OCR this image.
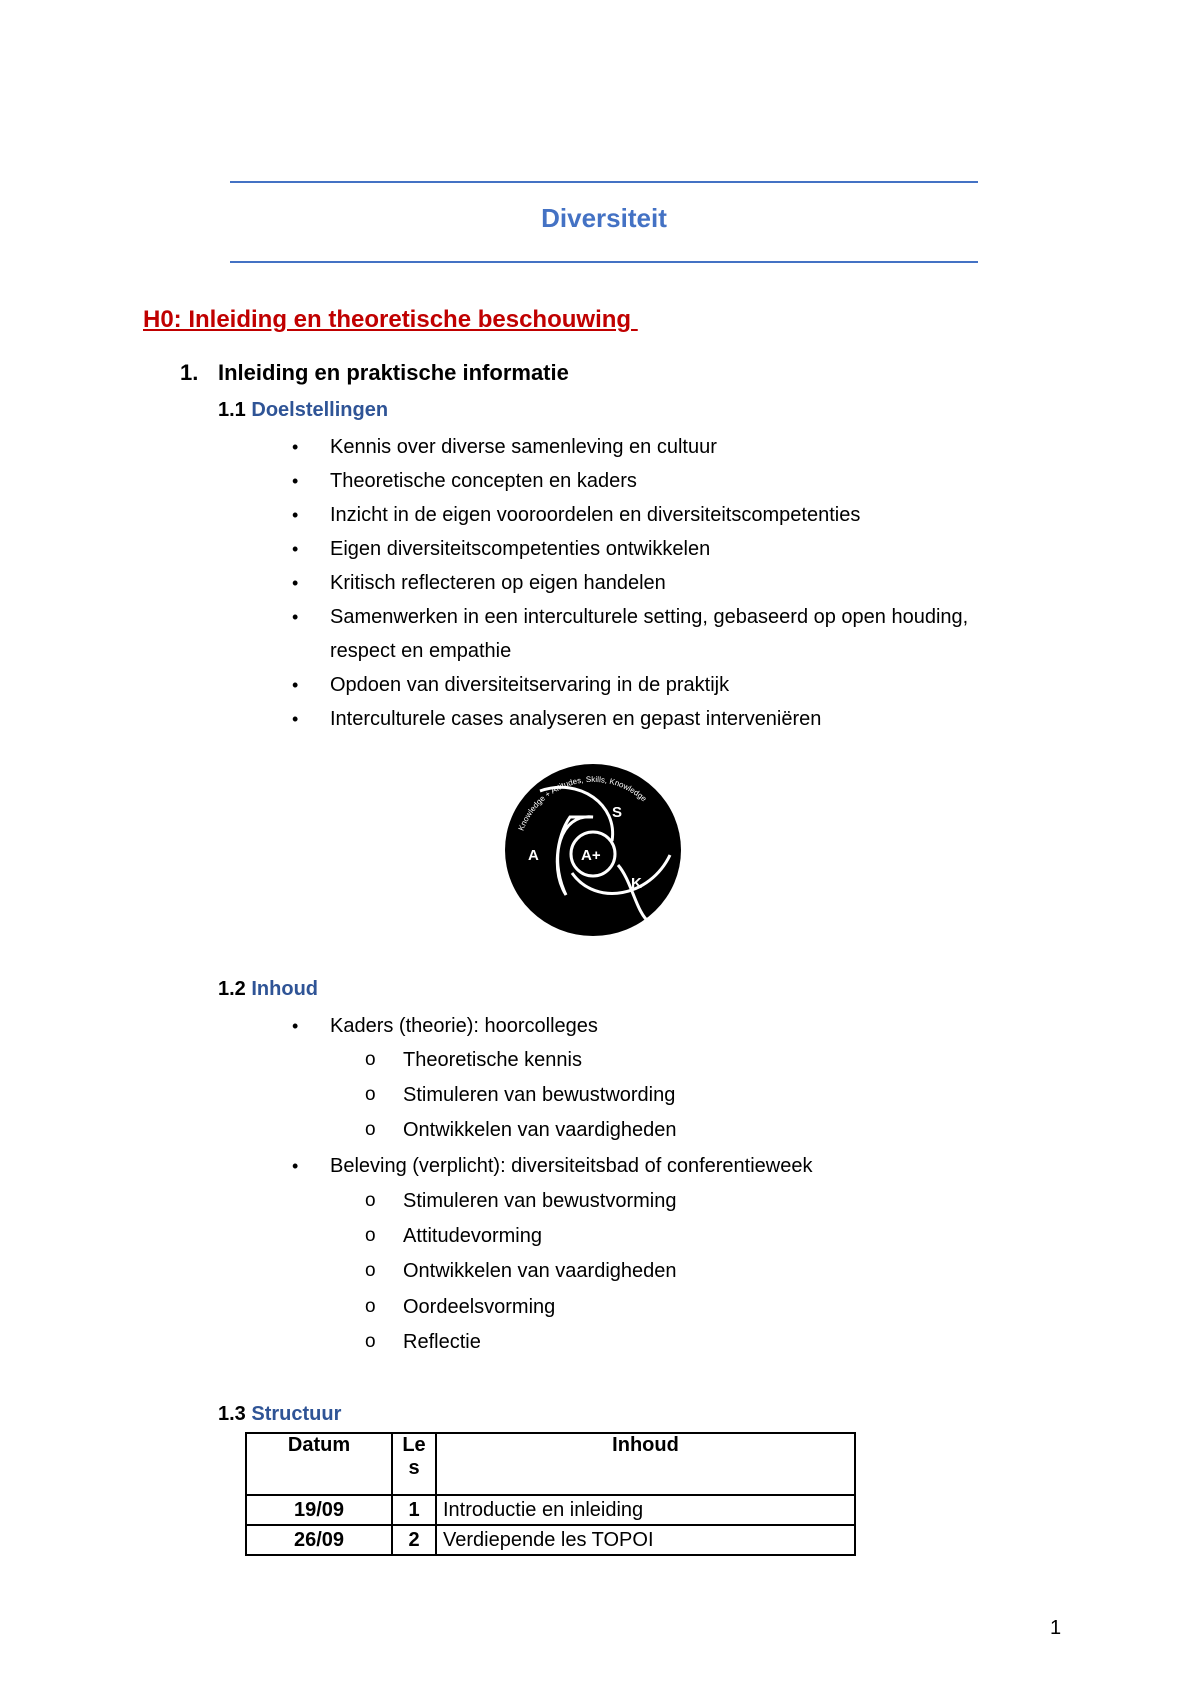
Diversiteit
H0: Inleiding en theoretische beschouwing
1. Inleiding en praktische informatie
1.1 Doelstellingen
• Kennis over diverse samenleving en cultuur
• Theoretische concepten en kaders
• Inzicht in de eigen vooroordelen en diversiteitscompetenties
• Eigen diversiteitscompetenties ontwikkelen
• Kritisch reflecteren op eigen handelen
• Samenwerken in een interculturele setting, gebaseerd op open houding,
respect en empathie
• Opdoen van diversiteitservaring in de praktijk
• Interculturele cases analyseren en gepast interveniëren
Knowledge + Attitudes, Skills, Knowledge
A
S
K
A+
1.2 Inhoud
• Kaders (theorie): hoorcolleges
o Theoretische kennis
o Stimuleren van bewustwording
o Ontwikkelen van vaardigheden
• Beleving (verplicht): diversiteitsbad of conferentieweek
o Stimuleren van bewustvorming
o Attitudevorming
o Ontwikkelen van vaardigheden
o Oordeelsvorming
o Reflectie
1.3 Structuur
Datum	Le s	Inhoud
19/09	1	Introductie en inleiding
26/09	2	Verdiepende les TOPOI
1
